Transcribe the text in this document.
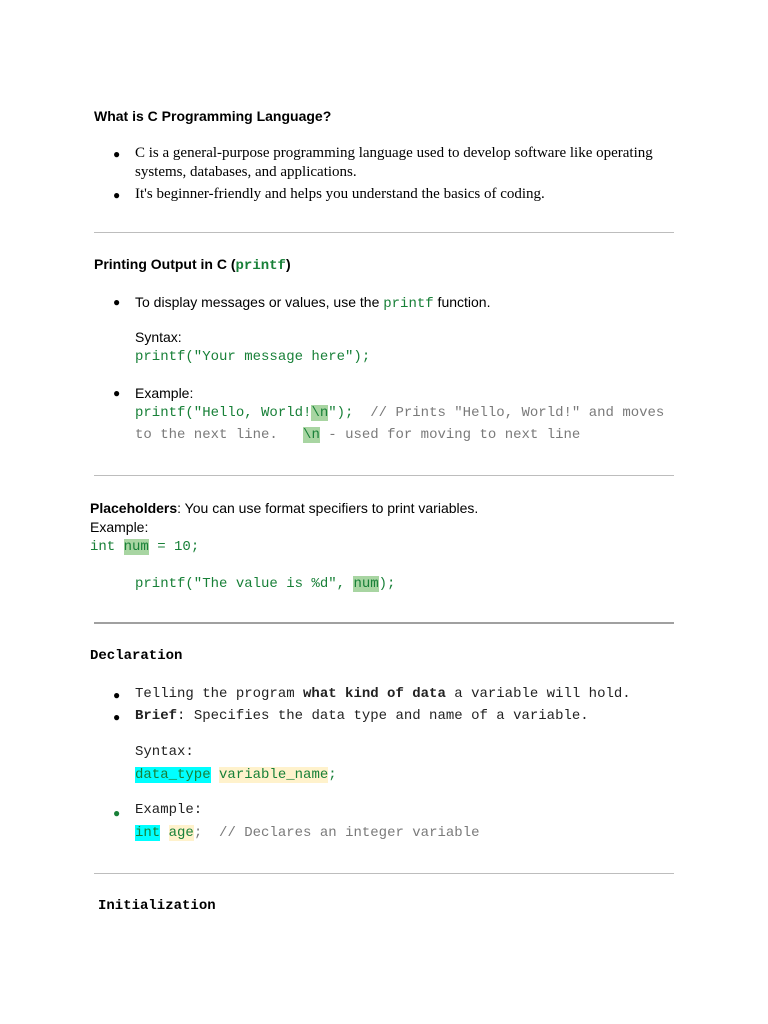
What is C Programming Language?
● C is a general-purpose programming language used to develop software like operating
systems, databases, and applications.
● It's beginner-friendly and helps you understand the basics of coding.
Printing Output in C (printf)
● To display messages or values, use the printf function.
Syntax:
printf("Your message here");
● Example:
printf("Hello, World!\n");  // Prints "Hello, World!" and moves
to the next line. \n - used for moving to next line
Placeholders: You can use format specifiers to print variables.
Example:
int num = 10;
printf("The value is %d", num);
Declaration
● Telling the program what kind of data a variable will hold.
● Brief: Specifies the data type and name of a variable.
Syntax:
data_type variable_name;
● Example:
int age;  // Declares an integer variable
Initialization
